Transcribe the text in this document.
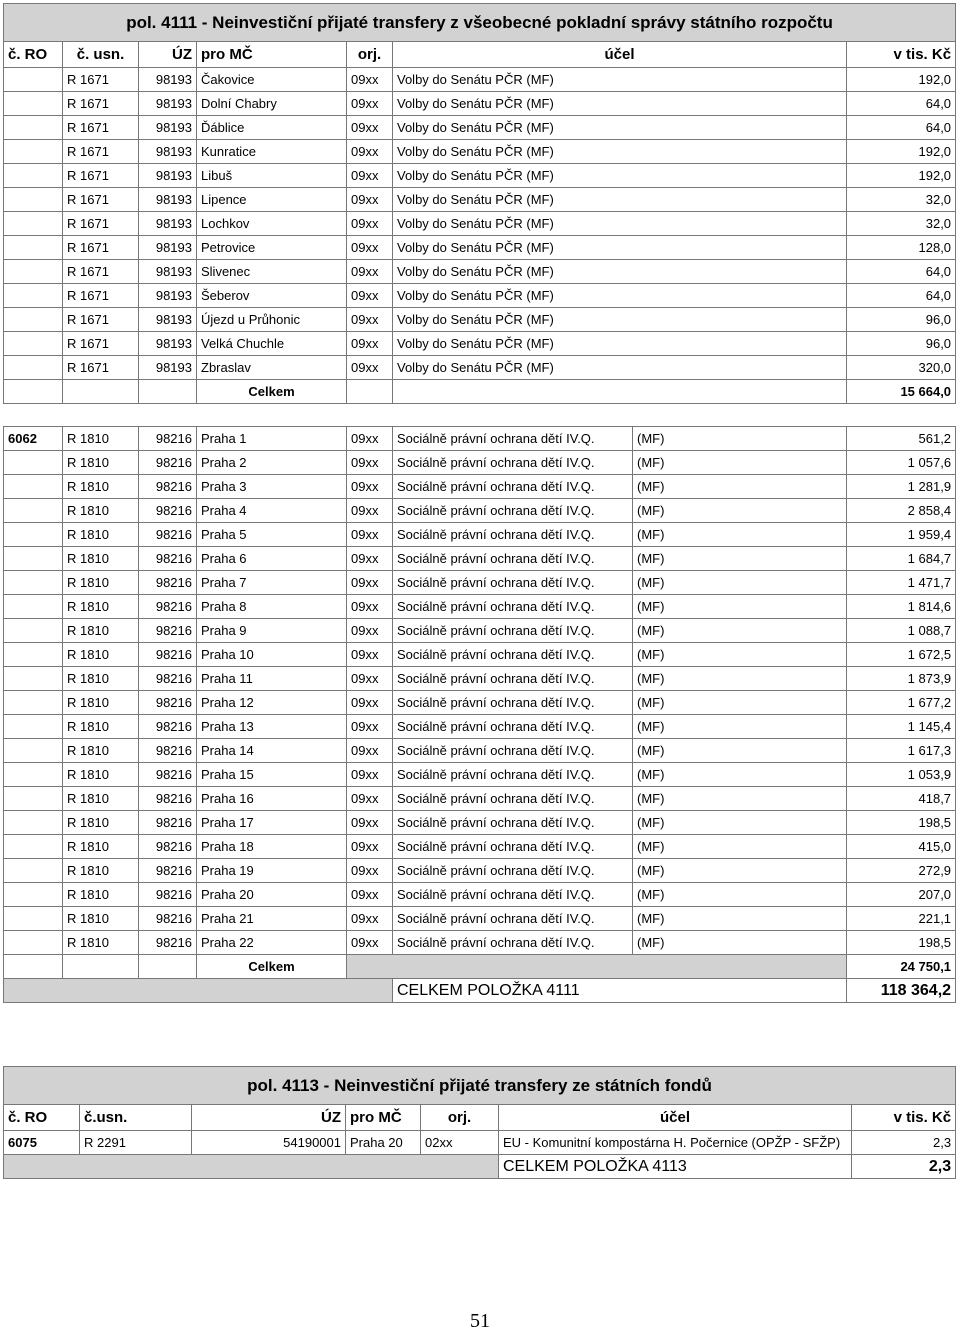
pol. 4111 - Neinvestiční přijaté transfery z všeobecné pokladní správy státního rozpočtu							
č. RO	č. usn.	ÚZ	pro MČ	orj.	účel		v tis. Kč
	R 1671	98193	Čakovice	09xx	Volby do Senátu PČR (MF)		192,0
	R 1671	98193	Dolní Chabry	09xx	Volby do Senátu PČR (MF)		64,0
	R 1671	98193	Ďáblice	09xx	Volby do Senátu PČR (MF)		64,0
	R 1671	98193	Kunratice	09xx	Volby do Senátu PČR (MF)		192,0
	R 1671	98193	Libuš	09xx	Volby do Senátu PČR (MF)		192,0
	R 1671	98193	Lipence	09xx	Volby do Senátu PČR (MF)		32,0
	R 1671	98193	Lochkov	09xx	Volby do Senátu PČR (MF)		32,0
	R 1671	98193	Petrovice	09xx	Volby do Senátu PČR (MF)		128,0
	R 1671	98193	Slivenec	09xx	Volby do Senátu PČR (MF)		64,0
	R 1671	98193	Šeberov	09xx	Volby do Senátu PČR (MF)		64,0
	R 1671	98193	Újezd u Průhonic	09xx	Volby do Senátu PČR (MF)		96,0
	R 1671	98193	Velká Chuchle	09xx	Volby do Senátu PČR (MF)		96,0
	R 1671	98193	Zbraslav	09xx	Volby do Senátu PČR (MF)		320,0
			Celkem				15 664,0

6062	R 1810	98216	Praha 1	09xx	Sociálně právní ochrana dětí IV.Q.	(MF)	561,2
	R 1810	98216	Praha 2	09xx	Sociálně právní ochrana dětí IV.Q.	(MF)	1 057,6
	R 1810	98216	Praha 3	09xx	Sociálně právní ochrana dětí IV.Q.	(MF)	1 281,9
	R 1810	98216	Praha 4	09xx	Sociálně právní ochrana dětí IV.Q.	(MF)	2 858,4
	R 1810	98216	Praha 5	09xx	Sociálně právní ochrana dětí IV.Q.	(MF)	1 959,4
	R 1810	98216	Praha 6	09xx	Sociálně právní ochrana dětí IV.Q.	(MF)	1 684,7
	R 1810	98216	Praha 7	09xx	Sociálně právní ochrana dětí IV.Q.	(MF)	1 471,7
	R 1810	98216	Praha 8	09xx	Sociálně právní ochrana dětí IV.Q.	(MF)	1 814,6
	R 1810	98216	Praha 9	09xx	Sociálně právní ochrana dětí IV.Q.	(MF)	1 088,7
	R 1810	98216	Praha 10	09xx	Sociálně právní ochrana dětí IV.Q.	(MF)	1 672,5
	R 1810	98216	Praha 11	09xx	Sociálně právní ochrana dětí IV.Q.	(MF)	1 873,9
	R 1810	98216	Praha 12	09xx	Sociálně právní ochrana dětí IV.Q.	(MF)	1 677,2
	R 1810	98216	Praha 13	09xx	Sociálně právní ochrana dětí IV.Q.	(MF)	1 145,4
	R 1810	98216	Praha 14	09xx	Sociálně právní ochrana dětí IV.Q.	(MF)	1 617,3
	R 1810	98216	Praha 15	09xx	Sociálně právní ochrana dětí IV.Q.	(MF)	1 053,9
	R 1810	98216	Praha 16	09xx	Sociálně právní ochrana dětí IV.Q.	(MF)	418,7
	R 1810	98216	Praha 17	09xx	Sociálně právní ochrana dětí IV.Q.	(MF)	198,5
	R 1810	98216	Praha 18	09xx	Sociálně právní ochrana dětí IV.Q.	(MF)	415,0
	R 1810	98216	Praha 19	09xx	Sociálně právní ochrana dětí IV.Q.	(MF)	272,9
	R 1810	98216	Praha 20	09xx	Sociálně právní ochrana dětí IV.Q.	(MF)	207,0
	R 1810	98216	Praha 21	09xx	Sociálně právní ochrana dětí IV.Q.	(MF)	221,1
	R 1810	98216	Praha 22	09xx	Sociálně právní ochrana dětí IV.Q.	(MF)	198,5
			Celkem				24 750,1
					CELKEM POLOŽKA 4111		118 364,2
pol. 4113 - Neinvestiční přijaté transfery ze státních fondů						
č. RO	č.usn.	ÚZ	pro MČ	orj.	účel	v tis. Kč
6075	R 2291	54190001	Praha 20	02xx	EU - Komunitní kompostárna H. Počernice (OPŽP - SFŽP)	2,3
					CELKEM POLOŽKA 4113	2,3
51
